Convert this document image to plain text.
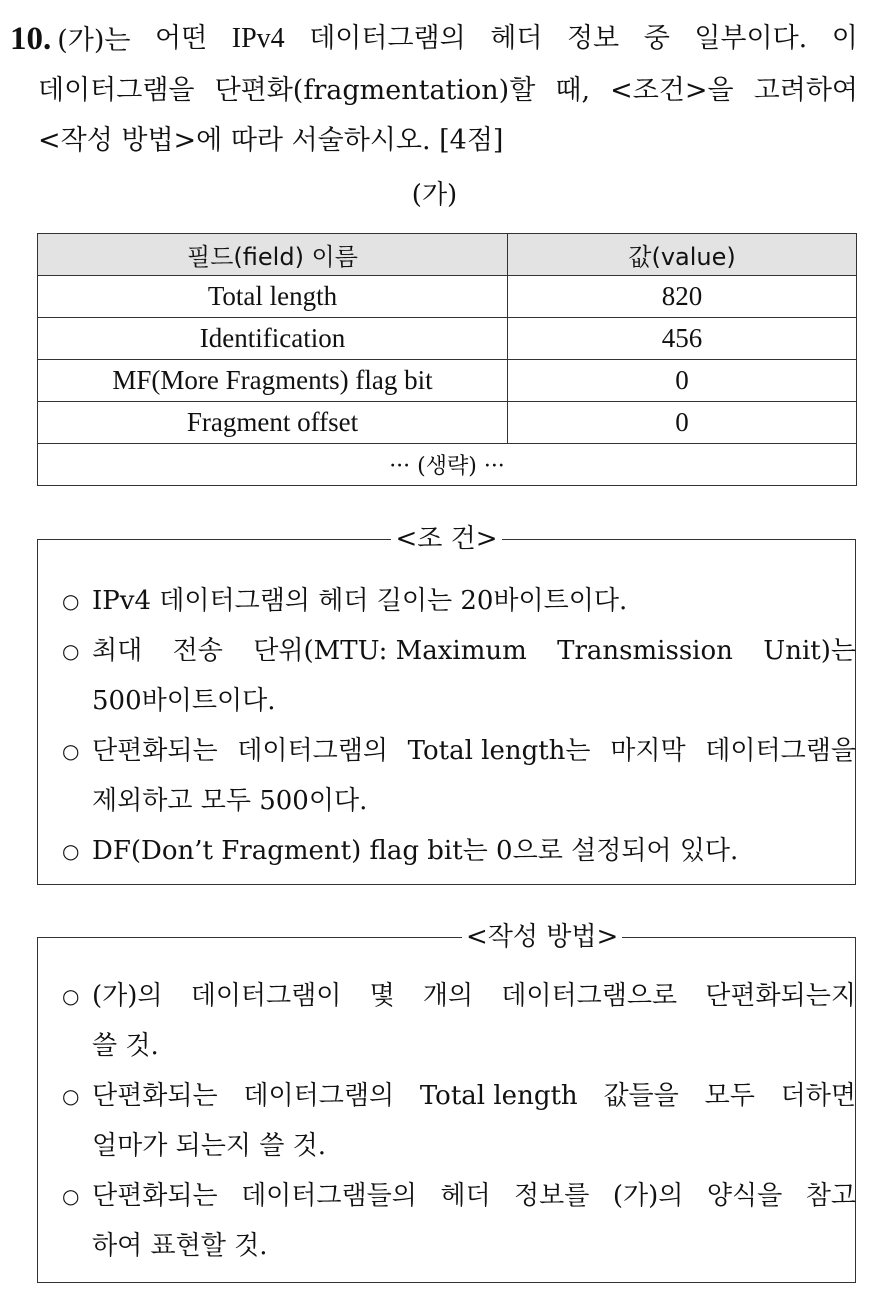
10. (가)는 어떤 IPv4 데이터그램의 헤더 정보 중 일부이다. 이
데이터그램을 단편화(fragmentation)할 때, <조건>을 고려하여
<작성 방법>에 따라 서술하시오. [4점]
(가)
필드(field) 이름	값(value)
Total length	820
Identification	456
MF(More Fragments) flag bit	0
Fragment offset	0
··· (생략) ···	
<조 건>
○ IPv4 데이터그램의 헤더 길이는 20바이트이다.
○ 최대 전송 단위(MTU: Maximum Transmission Unit)는
500바이트이다.
○ 단편화되는 데이터그램의 Total length는 마지막 데이터그램을
제외하고 모두 500이다.
○ DF(Don’t Fragment) flag bit는 0으로 설정되어 있다.
<작성 방법>
○ (가)의 데이터그램이 몇 개의 데이터그램으로 단편화되는지
쓸 것.
○ 단편화되는 데이터그램의 Total length 값들을 모두 더하면
얼마가 되는지 쓸 것.
○ 단편화되는 데이터그램들의 헤더 정보를 (가)의 양식을 참고
하여 표현할 것.
